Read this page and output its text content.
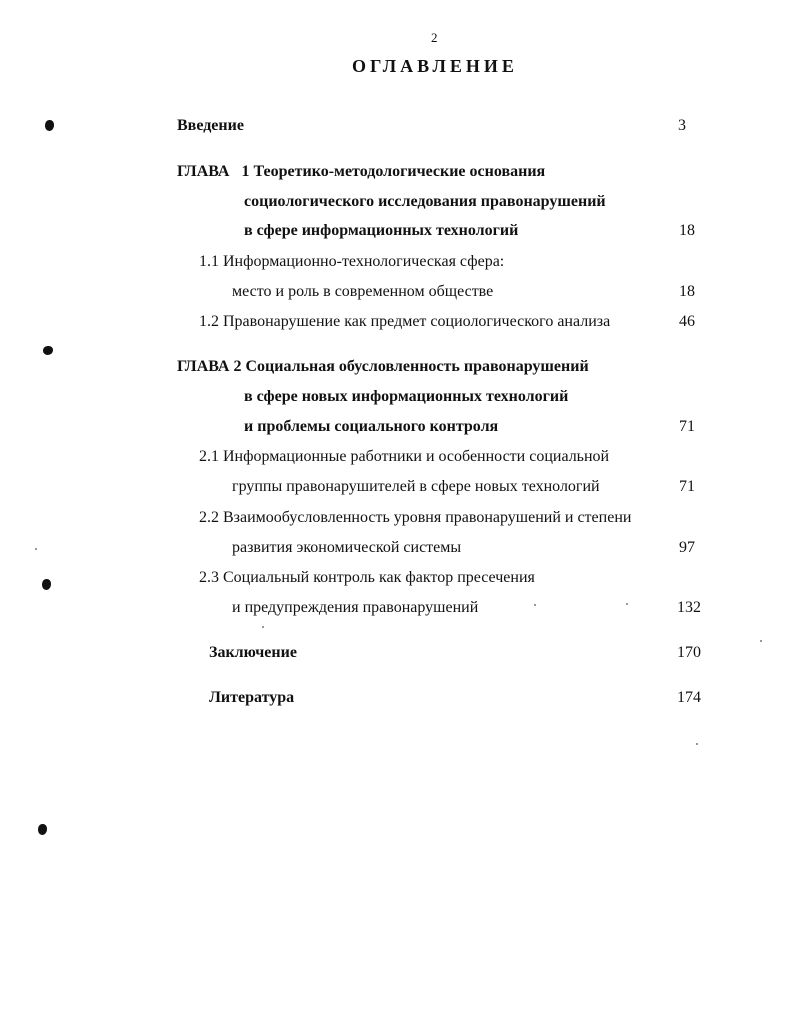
2
ОГЛАВЛЕНИЕ
Введение	3
ГЛАВА   1 Теоретико-методологические основания
социологического исследования правонарушений
в сфере информационных технологий	18
1.1 Информационно-технологическая сфера:
место и роль в современном обществе	18
1.2 Правонарушение как предмет социологического анализа	46
ГЛАВА 2 Социальная обусловленность правонарушений
в сфере новых информационных технологий
и проблемы социального контроля	71
2.1 Информационные работники и особенности социальной
группы правонарушителей в сфере новых технологий	71
2.2 Взаимообусловленность уровня правонарушений и степени
развития экономической системы	97
2.3 Социальный контроль как фактор пресечения
и предупреждения правонарушений	132
Заключение	170
Литература	174
